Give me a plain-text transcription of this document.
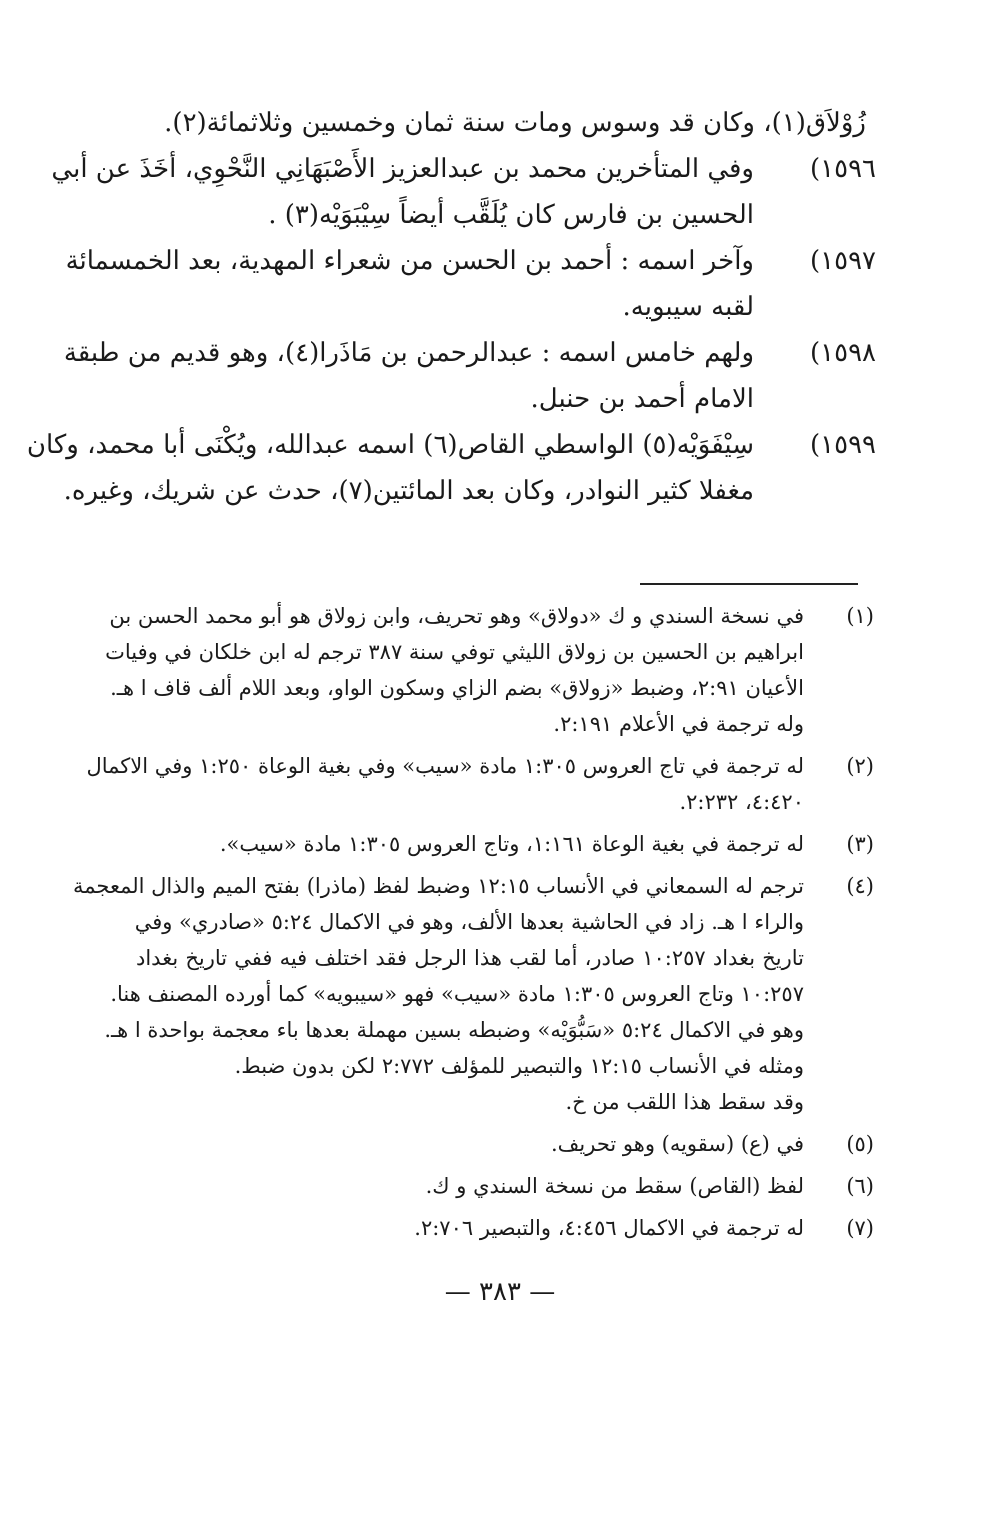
زُوْلاَق(١)، وكان قد وسوس ومات سنة ثمان وخمسين وثلاثمائة(٢).
١٥٩٦)
وفي المتأخرين محمد بن عبدالعزيز الأَصْبَهَانِي النَّحْوِي، أخَذَ عن أبي
الحسين بن فارس كان يُلَقَّب أيضاً سِيْبَوَيْه(٣) .
١٥٩٧)
وآخر اسمه : أحمد بن الحسن من شعراء المهدية، بعد الخمسمائة
لقبه سيبويه.
١٥٩٨)
ولهم خامس اسمه : عبدالرحمن بن مَاذَرا(٤)، وهو قديم من طبقة
الامام أحمد بن حنبل.
١٥٩٩)
سِيْفَوَيْه(٥) الواسطي القاص(٦) اسمه عبدالله، ويُكْنَى أبا محمد، وكان
مغفلا كثير النوادر، وكان بعد المائتين(٧)، حدث عن شريك، وغيره.
(١)
في نسخة السندي و ك «دولاق» وهو تحريف، وابن زولاق هو أبو محمد الحسن بن
ابراهيم بن الحسين بن زولاق الليثي توفي سنة ٣٨٧ ترجم له ابن خلكان في وفيات
الأعيان ٢:٩١، وضبط «زولاق» بضم الزاي وسكون الواو، وبعد اللام ألف قاف ا هـ.
وله ترجمة في الأعلام ٢:١٩١.
(٢)
له ترجمة في تاج العروس ١:٣٠٥ مادة «سيب» وفي بغية الوعاة ١:٢٥٠ وفي الاكمال
٤:٤٢٠، ٢:٢٣٢.
(٣)
له ترجمة في بغية الوعاة ١:١٦١، وتاج العروس ١:٣٠٥ مادة «سيب».
(٤)
ترجم له السمعاني في الأنساب ١٢:١٥ وضبط لفظ (ماذرا) بفتح الميم والذال المعجمة
والراء ا هـ. زاد في الحاشية بعدها الألف، وهو في الاكمال ٥:٢٤ «صادري» وفي
تاريخ بغداد ١٠:٢٥٧ صادر، أما لقب هذا الرجل فقد اختلف فيه ففي تاريخ بغداد
١٠:٢٥٧ وتاج العروس ١:٣٠٥ مادة «سيب» فهو «سيبويه» كما أورده المصنف هنا.
وهو في الاكمال ٥:٢٤ «سَبُّوَيْه» وضبطه بسين مهملة بعدها باء معجمة بواحدة ا هـ.
ومثله في الأنساب ١٢:١٥ والتبصير للمؤلف ٢:٧٧٢ لكن بدون ضبط.
وقد سقط هذا اللقب من خ.
(٥)
في (ع) (سقويه) وهو تحريف.
(٦)
لفظ (القاص) سقط من نسخة السندي و ك.
(٧)
له ترجمة في الاكمال ٤:٤٥٦، والتبصير ٢:٧٠٦.
— ٣٨٣ —
